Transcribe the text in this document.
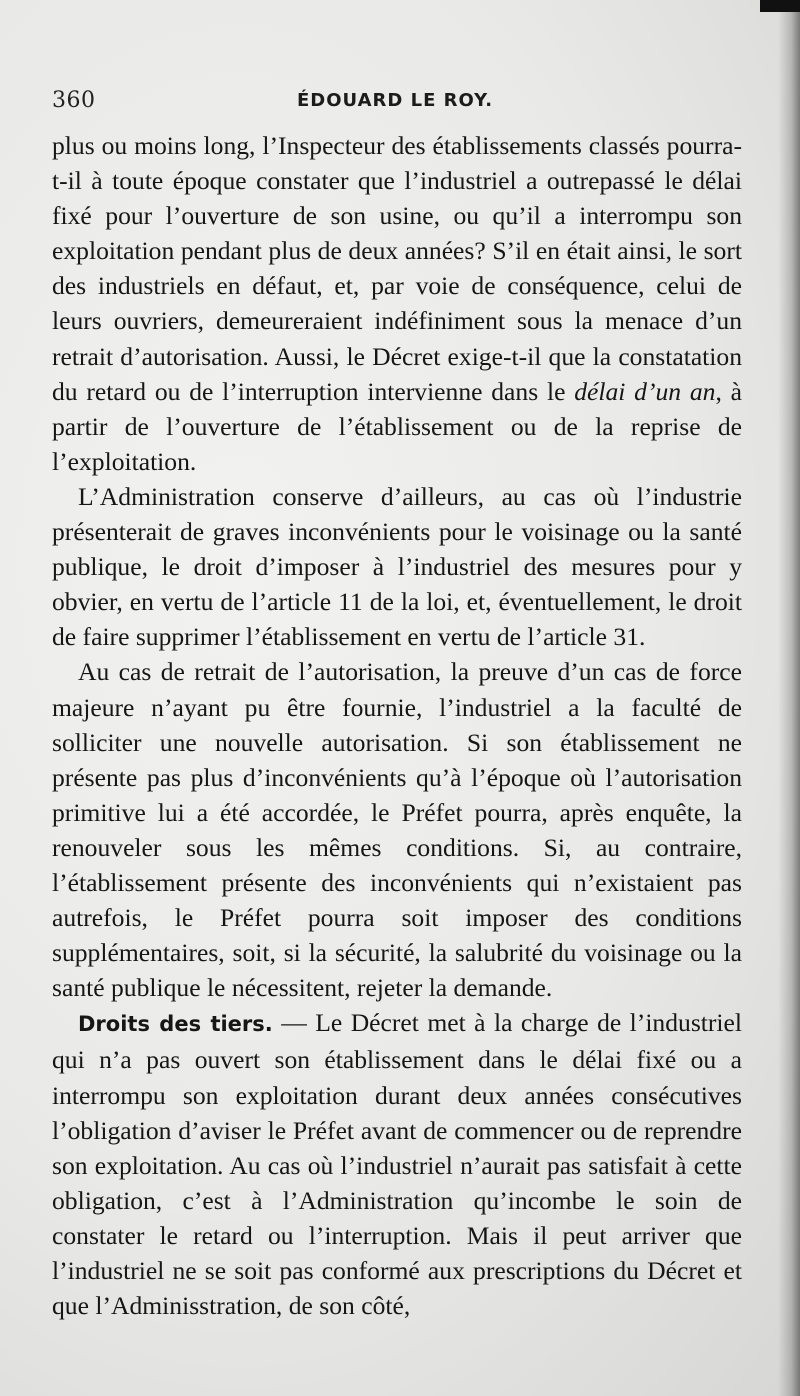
360	ÉDOUARD LE ROY.

plus ou moins long, l’Inspecteur des établissements classés pourra-t-il à toute époque constater que l’industriel a outrepassé le délai fixé pour l’ouverture de son usine, ou qu’il a interrompu son exploitation pendant plus de deux années? S’il en était ainsi, le sort des industriels en défaut, et, par voie de conséquence, celui de leurs ouvriers, demeureraient indéfiniment sous la menace d’un retrait d’autorisation. Aussi, le Décret exige-t-il que la constatation du retard ou de l’interruption intervienne dans le délai d’un an, à partir de l’ouverture de l’établissement ou de la reprise de l’exploitation.

L’Administration conserve d’ailleurs, au cas où l’industrie présenterait de graves inconvénients pour le voisinage ou la santé publique, le droit d’imposer à l’industriel des mesures pour y obvier, en vertu de l’article 11 de la loi, et, éventuellement, le droit de faire supprimer l’établissement en vertu de l’article 31.

Au cas de retrait de l’autorisation, la preuve d’un cas de force majeure n’ayant pu être fournie, l’industriel a la faculté de solliciter une nouvelle autorisation. Si son établissement ne présente pas plus d’inconvénients qu’à l’époque où l’autorisation primitive lui a été accordée, le Préfet pourra, après enquête, la renouveler sous les mêmes conditions. Si, au contraire, l’établissement présente des inconvénients qui n’existaient pas autrefois, le Préfet pourra soit imposer des conditions supplémentaires, soit, si la sécurité, la salubrité du voisinage ou la santé publique le nécessitent, rejeter la demande.

Droits des tiers. — Le Décret met à la charge de l’industriel qui n’a pas ouvert son établissement dans le délai fixé ou a interrompu son exploitation durant deux années consécutives l’obligation d’aviser le Préfet avant de commencer ou de reprendre son exploitation. Au cas où l’industriel n’aurait pas satisfait à cette obligation, c’est à l’Administration qu’incombe le soin de constater le retard ou l’interruption. Mais il peut arriver que l’industriel ne se soit pas conformé aux prescriptions du Décret et que l’Adminisstration, de son côté,
